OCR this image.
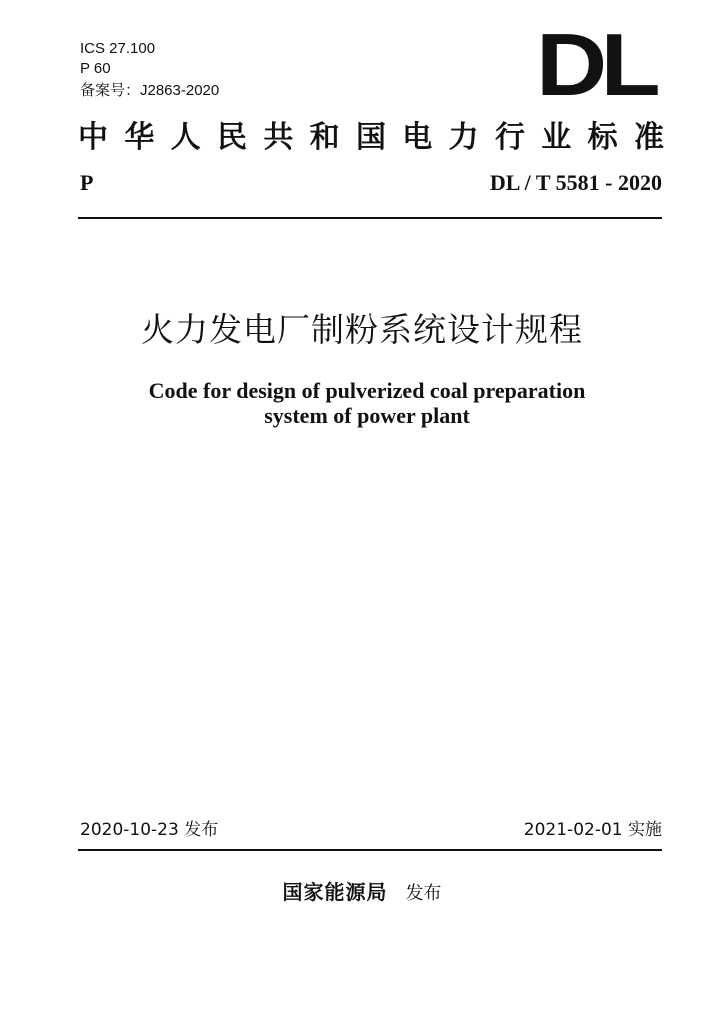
ICS 27.100
P 60
备案号：J2863-2020	DL
中 华 人 民 共 和 国 电 力 行 业 标 准
P	DL / T 5581 - 2020
火力发电厂制粉系统设计规程
Code for design of pulverized coal preparation
system of power plant
2020-10-23 发布	2021-02-01 实施
国家能源局 发布
